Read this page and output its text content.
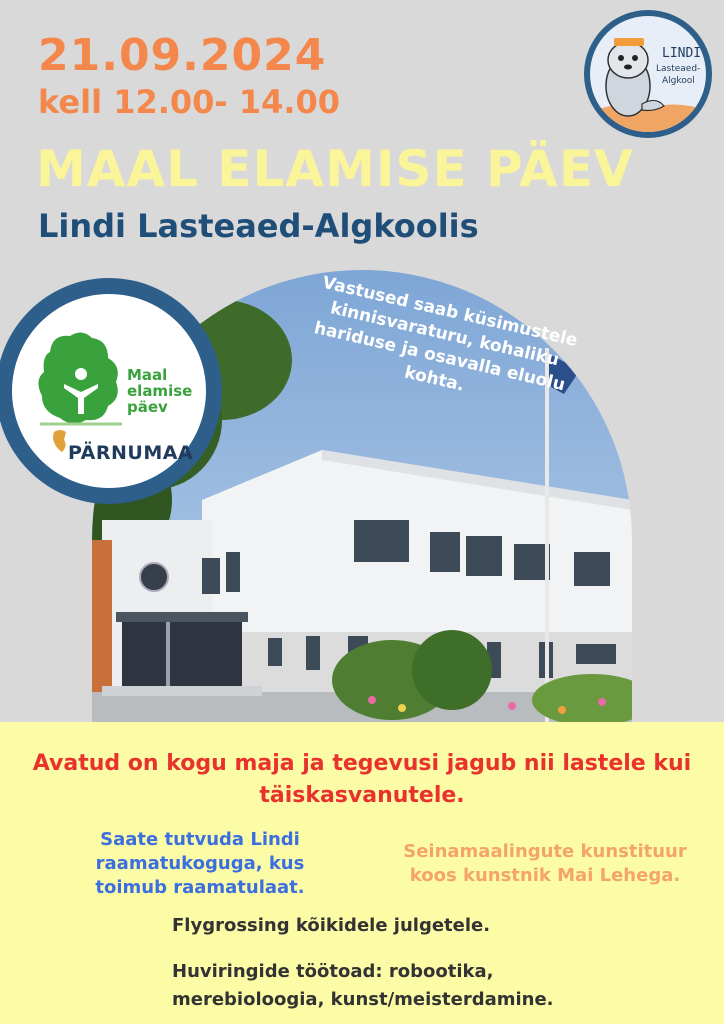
21.09.2024
kell 12.00- 14.00
MAAL ELAMISE PÄEV
Lindi Lasteaed-Algkoolis
LINDI
Lasteaed-
Algkool
Vastused saab küsimustele kinnisvaraturu, kohaliku hariduse ja osavalla eluolu kohta.
Maal
elamise
päev
PÄRNUMAA
Avatud on kogu maja ja tegevusi jagub nii lastele kui täiskasvanutele.
Saate tutvuda Lindi raamatukoguga, kus toimub raamatulaat.
Seinamaalingute kunstituur koos kunstnik Mai Lehega.
Flygrossing kõikidele julgetele.
Huviringide töötoad: robootika, merebioloogia, kunst/meisterdamine.
